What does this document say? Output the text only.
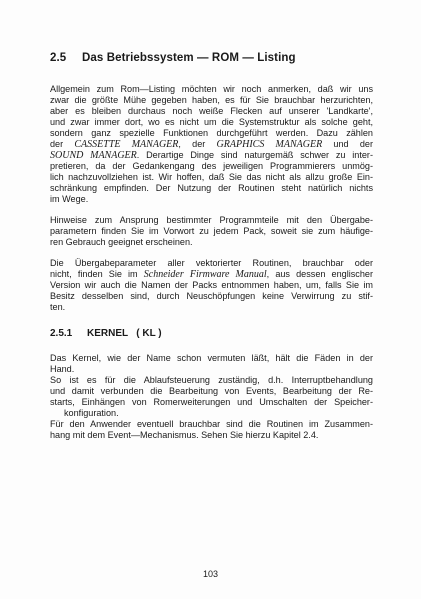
2.5 Das Betriebssystem — ROM — Listing
Allgemein zum Rom—Listing möchten wir noch anmerken, daß wir uns
zwar die größte Mühe gegeben haben, es für Sie brauchbar herzurichten,
aber es bleiben durchaus noch weiße Flecken auf unserer 'Landkarte',
und zwar immer dort, wo es nicht um die Systemstruktur als solche geht,
sondern ganz spezielle Funktionen durchgeführt werden. Dazu zählen
der CASSETTE MANAGER, der GRAPHICS MANAGER und der
SOUND MANAGER. Derartige Dinge sind naturgemäß schwer zu inter-
pretieren, da der Gedankengang des jeweiligen Programmierers unmög-
lich nachzuvollziehen ist. Wir hoffen, daß Sie das nicht als allzu große Ein-
schränkung empfinden. Der Nutzung der Routinen steht natürlich nichts
im Wege.
Hinweise zum Ansprung bestimmter Programmteile mit den Übergabe-
parametern finden Sie im Vorwort zu jedem Pack, soweit sie zum häufige-
ren Gebrauch geeignet erscheinen.
Die Übergabeparameter aller vektorierter Routinen, brauchbar oder
nicht, finden Sie im Schneider Firmware Manual, aus dessen englischer
Version wir auch die Namen der Packs entnommen haben, um, falls Sie im
Besitz desselben sind, durch Neuschöpfungen keine Verwirrung zu stif-
ten.
2.5.1 KERNEL   ( KL )
Das Kernel, wie der Name schon vermuten läßt, hält die Fäden in der
Hand.
So ist es für die Ablaufsteuerung zuständig, d.h. Interruptbehandlung
und damit verbunden die Bearbeitung von Events, Bearbeitung der Re-
starts, Einhängen von Romerweiterungen und Umschalten der Speicher-
konfiguration.
Für den Anwender eventuell brauchbar sind die Routinen im Zusammen-
hang mit dem Event—Mechanismus. Sehen Sie hierzu Kapitel 2.4.
103
